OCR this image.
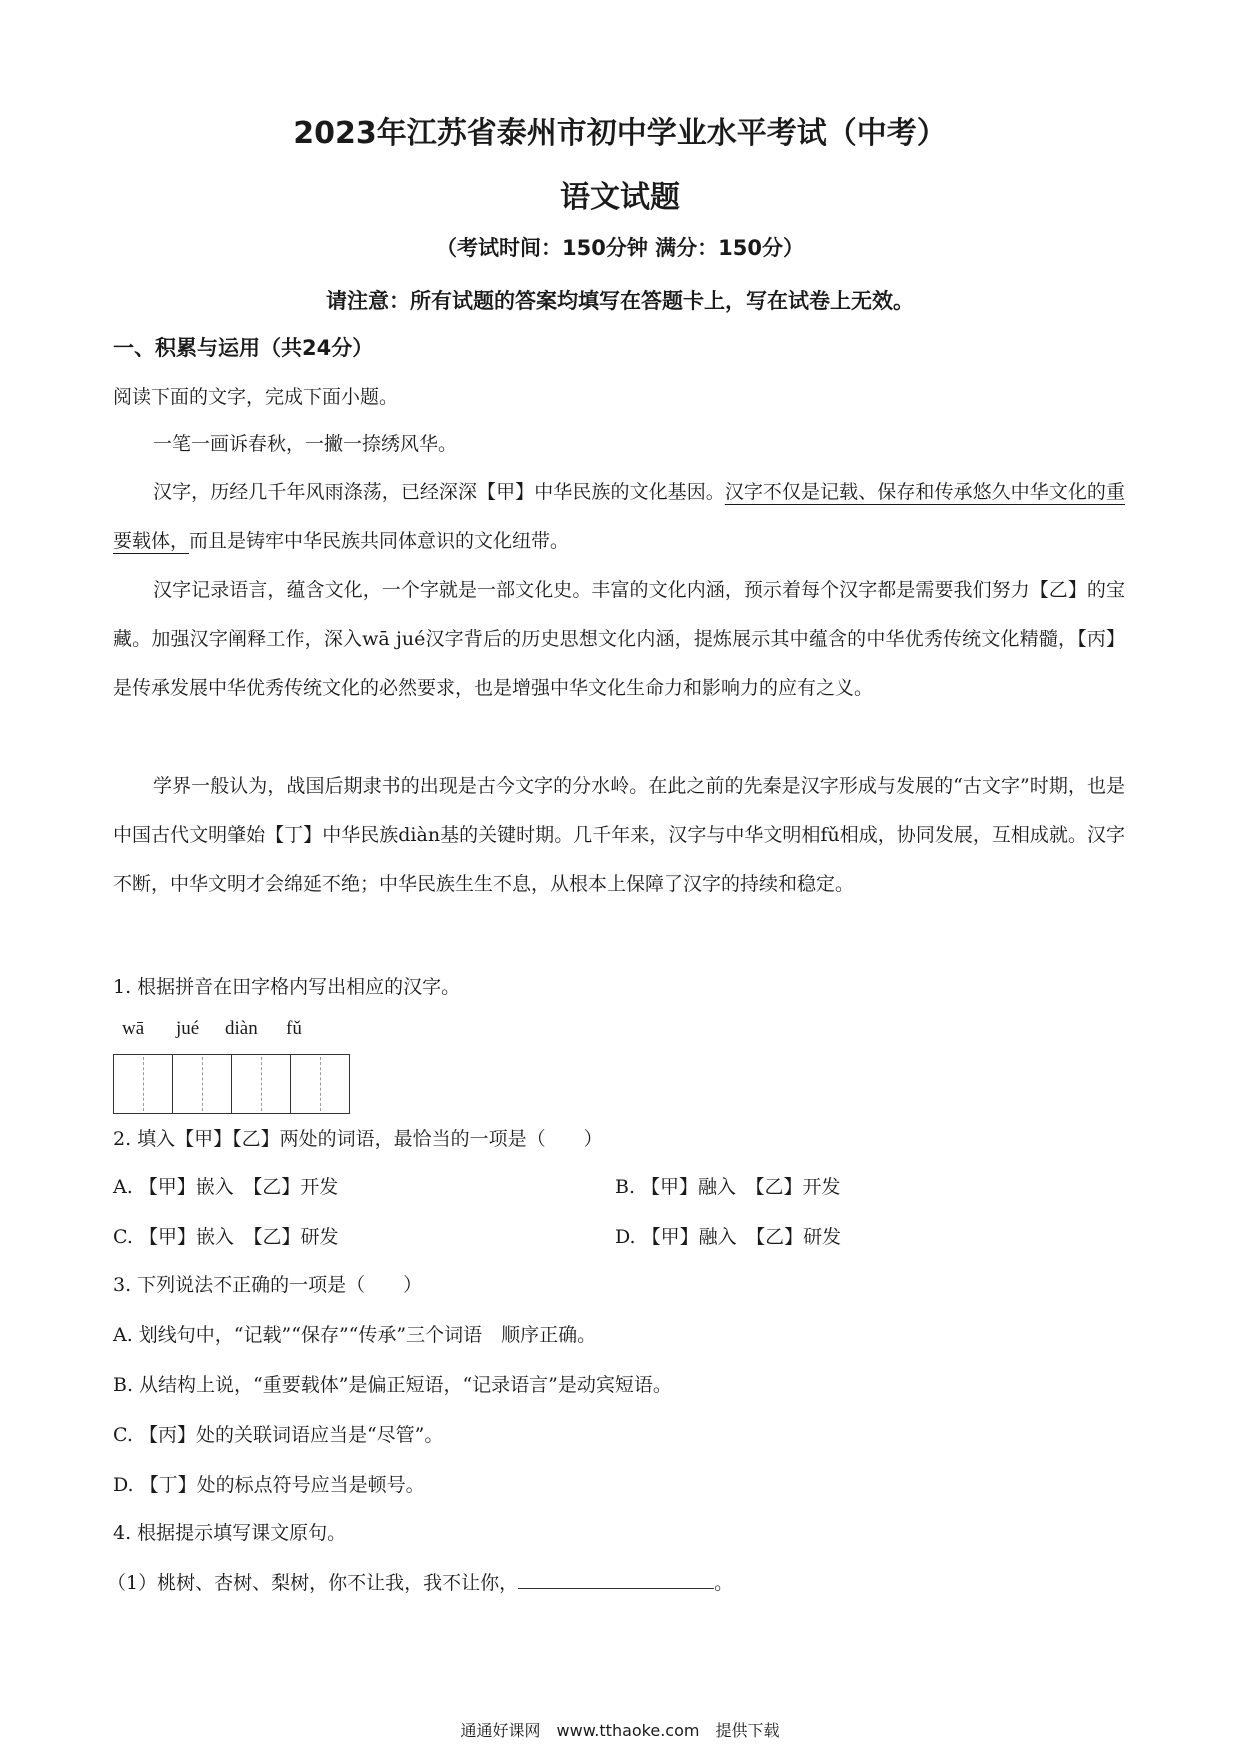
2023年江苏省泰州市初中学业水平考试（中考）
语文试题
（考试时间：150分钟 满分：150分）
请注意：所有试题的答案均填写在答题卡上，写在试卷上无效。
一、积累与运用（共24分）
阅读下面的文字，完成下面小题。
一笔一画诉春秋，一撇一捺绣风华。
汉字，历经几千年风雨涤荡，已经深深【甲】中华民族的文化基因。汉字不仅是记载、保存和传承悠久中华文化的重要载体，而且是铸牢中华民族共同体意识的文化纽带。
汉字记录语言，蕴含文化，一个字就是一部文化史。丰富的文化内涵，预示着每个汉字都是需要我们努力【乙】的宝藏。加强汉字阐释工作，深入wā jué汉字背后的历史思想文化内涵，提炼展示其中蕴含的中华优秀传统文化精髓，【丙】是传承发展中华优秀传统文化的必然要求，也是增强中华文化生命力和影响力的应有之义。
学界一般认为，战国后期隶书的出现是古今文字的分水岭。在此之前的先秦是汉字形成与发展的“古文字”时期，也是中国古代文明肇始【丁】中华民族diàn基的关键时期。几千年来，汉字与中华文明相fǔ相成，协同发展，互相成就。汉字不断，中华文明才会绵延不绝；中华民族生生不息，从根本上保障了汉字的持续和稳定。
1. 根据拼音在田字格内写出相应的汉字。
wā jué diàn fǔ
2. 填入【甲】【乙】两处的词语，最恰当的一项是（　　）
A. 【甲】嵌入　【乙】开发	B. 【甲】融入　【乙】开发
C. 【甲】嵌入　【乙】研发	D. 【甲】融入　【乙】研发
3. 下列说法不正确的一项是（　　）
A. 划线句中，“记载”“保存”“传承”三个词语　顺序正确。
B. 从结构上说，“重要载体”是偏正短语，“记录语言”是动宾短语。
C. 【丙】处的关联词语应当是“尽管”。
D. 【丁】处的标点符号应当是顿号。
4. 根据提示填写课文原句。
（1）桃树、杏树、梨树，你不让我，我不让你，	。
通通好课网　www.tthaoke.com　提供下载
